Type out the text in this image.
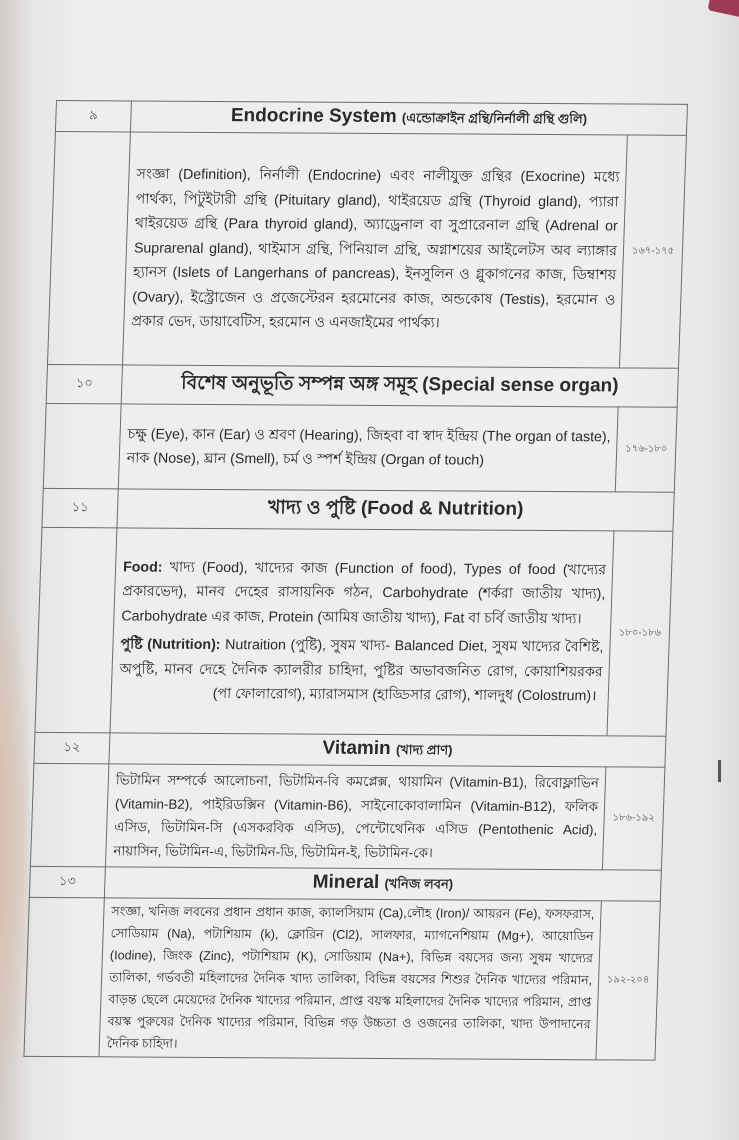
৯	Endocrine System (এন্ডোক্রাইন গ্রন্থি/নির্নালী গ্রন্থি গুলি)	
	সংজ্ঞা (Definition), নির্নালী (Endocrine) এবং নালীযুক্ত গ্রন্থির (Exocrine) মধ্যে পার্থক্য, পিটুইটারী গ্রন্থি (Pituitary gland), থাইরয়েড গ্রন্থি (Thyroid gland), প্যারা থাইরয়েড গ্রন্থি (Para thyroid gland), অ্যাড্রেনাল বা সুপ্রারেনাল গ্রন্থি (Adrenal or Suprarenal gland), থাইমাস গ্রন্থি, পিনিয়াল গ্রন্থি, অগ্নাশয়ের আইলেটস অব ল্যাঙ্গার হ্যানস (Islets of Langerhans of pancreas), ইনসুলিন ও গ্লুকাগনের কাজ, ডিম্বাশয় (Ovary), ইস্ট্রোজেন ও প্রজেস্টেরন হরমোনের কাজ, অন্ডকোষ (Testis), হরমোন ও প্রকার ভেদ, ডায়াবেটিস, হরমোন ও এনজাইমের পার্থক্য।	১৬৭-১৭৫
১০	বিশেষ অনুভূতি সম্পন্ন অঙ্গ সমূহ (Special sense organ)	
	চক্ষু (Eye), কান (Ear) ও শ্রবণ (Hearing), জিহবা বা স্বাদ ইন্দ্রিয় (The organ of taste), নাক (Nose), ঘ্রান (Smell), চর্ম ও স্পর্শ ইন্দ্রিয় (Organ of touch)	১৭৬-১৮০
১১	খাদ্য ও পুষ্টি (Food & Nutrition)	

	Food: খাদ্য (Food), খাদ্যের কাজ (Function of food), Types of food (খাদ্যের প্রকারভেদ), মানব দেহের রাসায়নিক গঠন, Carbohydrate (শর্করা জাতীয় খাদ্য), Carbohydrate এর কাজ, Protein (আমিষ জাতীয় খাদ্য), Fat বা চর্বি জাতীয় খাদ্য।
পুষ্টি (Nutrition): Nutraition (পুষ্টি), সুষম খাদ্য- Balanced Diet, সুষম খাদ্যের বৈশিষ্ট, অপুষ্টি, মানব দেহে দৈনিক ক্যালরীর চাহিদা, পুষ্টির অভাবজনিত রোগ, কোয়াশিয়রকর  (পা ফোলারোগ), ম্যারাসমাস (হাড্ডিসার রোগ), শালদুধ (Colostrum)।	১৮০-১৮৬
১২	Vitamin (খাদ্য প্রাণ)	
	ভিটামিন সম্পর্কে আলোচনা, ভিটামিন-বি কমপ্লেক্স, থায়ামিন (Vitamin-B1), রিবোফ্লাভিন (Vitamin-B2), পাইরিডক্সিন (Vitamin-B6), সাইনোকোবালামিন (Vitamin-B12), ফলিক এসিড, ভিটামিন-সি (এসকরবিক এসিড), পেন্টোথেনিক এসিড (Pentothenic Acid), নায়াসিন, ভিটামিন-এ, ভিটামিন-ডি, ভিটামিন-ই, ভিটামিন-কে।	১৮৬-১৯২
১৩	Mineral (খনিজ লবন)	
	সংজ্ঞা, খনিজ লবনের প্রধান প্রধান কাজ, ক্যালসিয়াম (Ca),লৌহ (Iron)/ আয়রন (Fe), ফসফরাস, সোডিয়াম (Na), পটাশিয়াম (k), ক্লোরিন (Cl2), সালফার, ম্যাগনেশিয়াম (Mg+), আয়োডিন (Iodine), জিংক (Zinc), পটাশিয়াম (K), সোডিয়াম (Na+), বিভিন্ন বয়সের জন্য সুষম খাদ্যের তালিকা, গর্ভবতী মহিলাদের দৈনিক খাদ্য তালিকা, বিভিন্ন বয়সের শিশুর দৈনিক খাদ্যের পরিমান, বাড়ন্ত ছেলে মেয়েদের দৈনিক খাদ্যের পরিমান, প্রাপ্ত বয়স্ক মহিলাদের দৈনিক খাদ্যের পরিমান, প্রাপ্ত বয়স্ক পুরুষের দৈনিক খাদ্যের পরিমান, বিভিন্ন গড় উচ্চতা ও ওজনের তালিকা, খাদ্য উপাদানের দৈনিক চাহিদা।	১৯২-২০৪
